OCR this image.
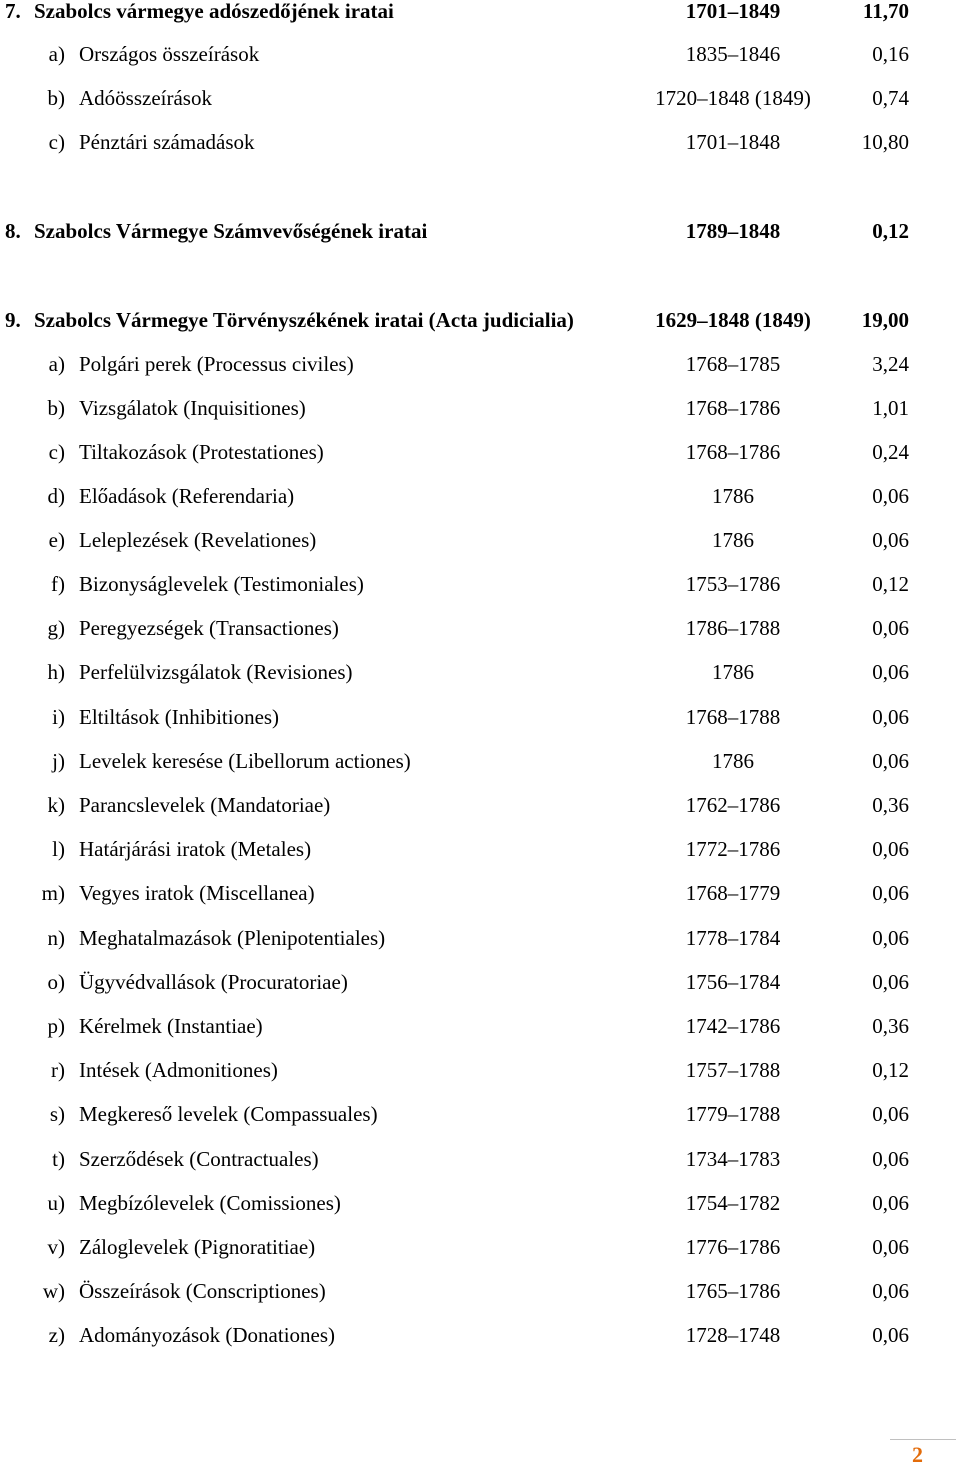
7. Szabolcs vármegye adószedőjének iratai	1701–1849	11,70
a) Országos összeírások	1835–1846	0,16
b) Adóösszeírások	1720–1848 (1849)	0,74
c) Pénztári számadások	1701–1848	10,80
8. Szabolcs Vármegye Számvevőségének iratai	1789–1848	0,12
9. Szabolcs Vármegye Törvényszékének iratai (Acta judicialia)	1629–1848 (1849) 19,00
a) Polgári perek (Processus civiles)	1768–1785	3,24
b) Vizsgálatok (Inquisitiones)	1768–1786	1,01
c) Tiltakozások (Protestationes)	1768–1786	0,24
d) Előadások (Referendaria)	1786	0,06
e) Leleplezések (Revelationes)	1786	0,06
f) Bizonyságlevelek (Testimoniales)	1753–1786	0,12
g) Peregyezségek (Transactiones)	1786–1788	0,06
h) Perfelülvizsgálatok (Revisiones)	1786	0,06
i) Eltiltások (Inhibitiones)	1768–1788	0,06
j) Levelek keresése (Libellorum actiones)	1786	0,06
k) Parancslevelek (Mandatoriae)	1762–1786	0,36
l) Határjárási iratok (Metales)	1772–1786	0,06
m) Vegyes iratok (Miscellanea)	1768–1779	0,06
n) Meghatalmazások (Plenipotentiales)	1778–1784	0,06
o) Ügyvédvallások (Procuratoriae)	1756–1784	0,06
p) Kérelmek (Instantiae)	1742–1786	0,36
r) Intések (Admonitiones)	1757–1788	0,12
s) Megkereső levelek (Compassuales)	1779–1788	0,06
t) Szerződések (Contractuales)	1734–1783	0,06
u) Megbízólevelek (Comissiones)	1754–1782	0,06
v) Záloglevelek (Pignoratitiae)	1776–1786	0,06
w) Összeírások (Conscriptiones)	1765–1786	0,06
z) Adományozások (Donationes)	1728–1748	0,06
2
